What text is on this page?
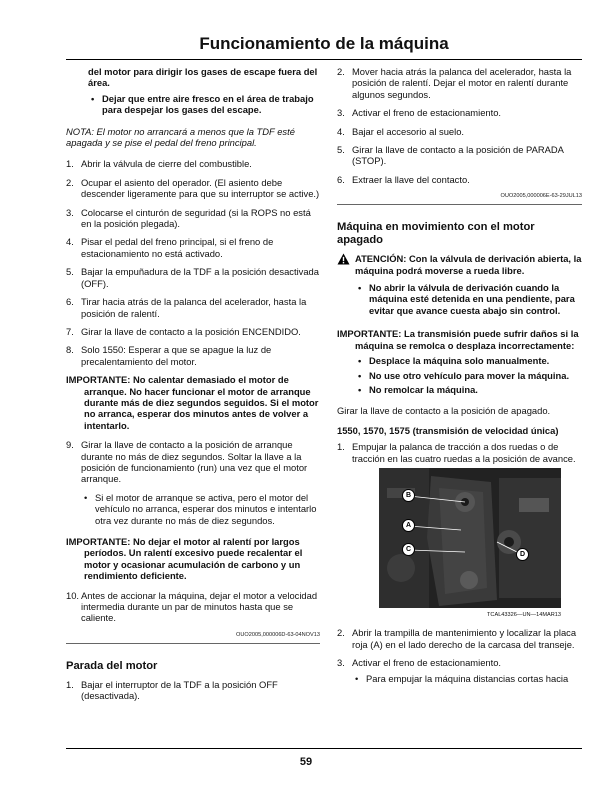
Funcionamiento de la máquina
del motor para dirigir los gases de escape fuera del área.
• Dejar que entre aire fresco en el área de trabajo para despejar los gases del escape.
NOTA: El motor no arrancará a menos que la TDF esté apagada y se pise el pedal del freno principal.
1. Abrir la válvula de cierre del combustible.
2. Ocupar el asiento del operador. (El asiento debe descender ligeramente para que su interruptor se active.)
3. Colocarse el cinturón de seguridad (si la ROPS no está en la posición plegada).
4. Pisar el pedal del freno principal, si el freno de estacionamiento no está activado.
5. Bajar la empuñadura de la TDF a la posición desactivada (OFF).
6. Tirar hacia atrás de la palanca del acelerador, hasta la posición de ralentí.
7. Girar la llave de contacto a la posición ENCENDIDO.
8. Solo 1550: Esperar a que se apague la luz de precalentamiento del motor.
IMPORTANTE: No calentar demasiado el motor de arranque. No hacer funcionar el motor de arranque durante más de diez segundos seguidos. Si el motor no arranca, esperar dos minutos antes de volver a intentarlo.
9. Girar la llave de contacto a la posición de arranque durante no más de diez segundos. Soltar la llave a la posición de funcionamiento (run) una vez que el motor arranque.
• Si el motor de arranque se activa, pero el motor del vehículo no arranca, esperar dos minutos e intentarlo otra vez durante no más de diez segundos.
IMPORTANTE: No dejar el motor al ralentí por largos períodos. Un ralentí excesivo puede recalentar el motor y ocasionar acumulación de carbono y un rendimiento deficiente.
10. Antes de accionar la máquina, dejar el motor a velocidad intermedia durante un par de minutos hasta que se caliente.
OUO2005,000006D-63-04NOV13
Parada del motor
1. Bajar el interruptor de la TDF a la posición OFF (desactivada).
2. Mover hacia atrás la palanca del acelerador, hasta la posición de ralentí. Dejar el motor en ralentí durante algunos segundos.
3. Activar el freno de estacionamiento.
4. Bajar el accesorio al suelo.
5. Girar la llave de contacto a la posición de PARADA (STOP).
6. Extraer la llave del contacto.
OUO2005,000006E-63-29JUL13
Máquina en movimiento con el motor apagado
ATENCIÓN: Con la válvula de derivación abierta, la máquina podrá moverse a rueda libre.
• No abrir la válvula de derivación cuando la máquina esté detenida en una pendiente, para evitar que avance cuesta abajo sin control.
IMPORTANTE: La transmisión puede sufrir daños si la máquina se remolca o desplaza incorrectamente:
• Desplace la máquina solo manualmente.
• No use otro vehículo para mover la máquina.
• No remolcar la máquina.
Girar la llave de contacto a la posición de apagado.
1550, 1570, 1575 (transmisión de velocidad única)
1. Empujar la palanca de tracción a dos ruedas o de tracción en las cuatro ruedas a la posición de avance.
B
A
C
D
TCAL43326—UN—14MAR13
2. Abrir la trampilla de mantenimiento y localizar la placa roja (A) en el lado derecho de la carcasa del transeje.
3. Activar el freno de estacionamiento.
• Para empujar la máquina distancias cortas hacia
59
